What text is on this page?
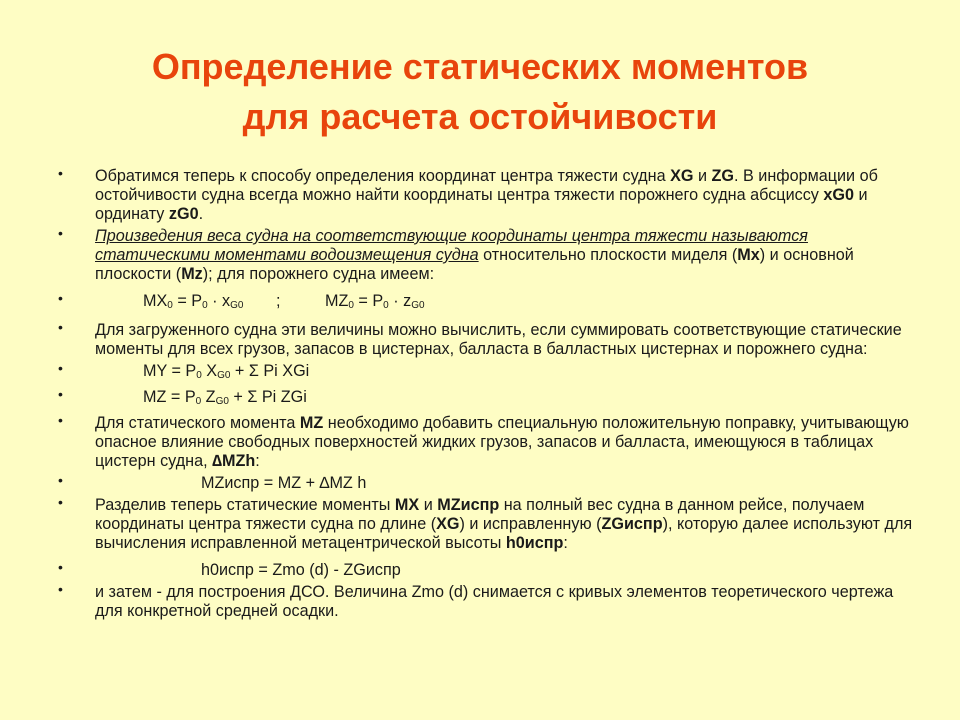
Определение статических моментов
для расчета остойчивости
• Обратимся теперь к способу определения координат центра тяжести судна XG и ZG. В информации об остойчивости судна всегда можно найти координаты центра тяжести порожнего судна абсциссу xG0 и ординату zG0.
• Произведения веса судна на соответствующие координаты центра тяжести называются статическими моментами водоизмещения судна относительно плоскости миделя (Mx) и основной плоскости (Mz); для порожнего судна имеем:
•	$MX_0 = P_0 \cdot x_{G0}$ ;	$MZ_0 = P_0 \cdot z_{G0}$
• Для загруженного судна эти величины можно вычислить, если суммировать соответствующие статические моменты для всех грузов, запасов в цистернах, балласта в балластных цистернах и порожнего судна:
•	MY = $P_0$ $X_{G0} + \Sigma$ Pi XGi
•	MZ = $P_0$ $Z_{G0} + \Sigma$ Pi ZGi
• Для статического момента MZ необходимо добавить специальную положительную поправку, учитывающую опасное влияние свободных поверхностей жидких грузов, запасов и балласта, имеющуюся в таблицах цистерн судна, ∆MZh:
•	MZиспр = MZ + ∆MZ h
• Разделив теперь статические моменты MX и MZиспр на полный вес судна в данном рейсе, получаем координаты центра тяжести судна по длине (XG) и исправленную (ZGиспр), которую далее используют для вычисления исправленной метацентрической высоты h0испр:
•	h0испр = Zmo (d) - ZGиспр
• и затем - для построения ДСО. Величина Zmo (d) снимается с кривых элементов теоретического чертежа для конкретной средней осадки.
